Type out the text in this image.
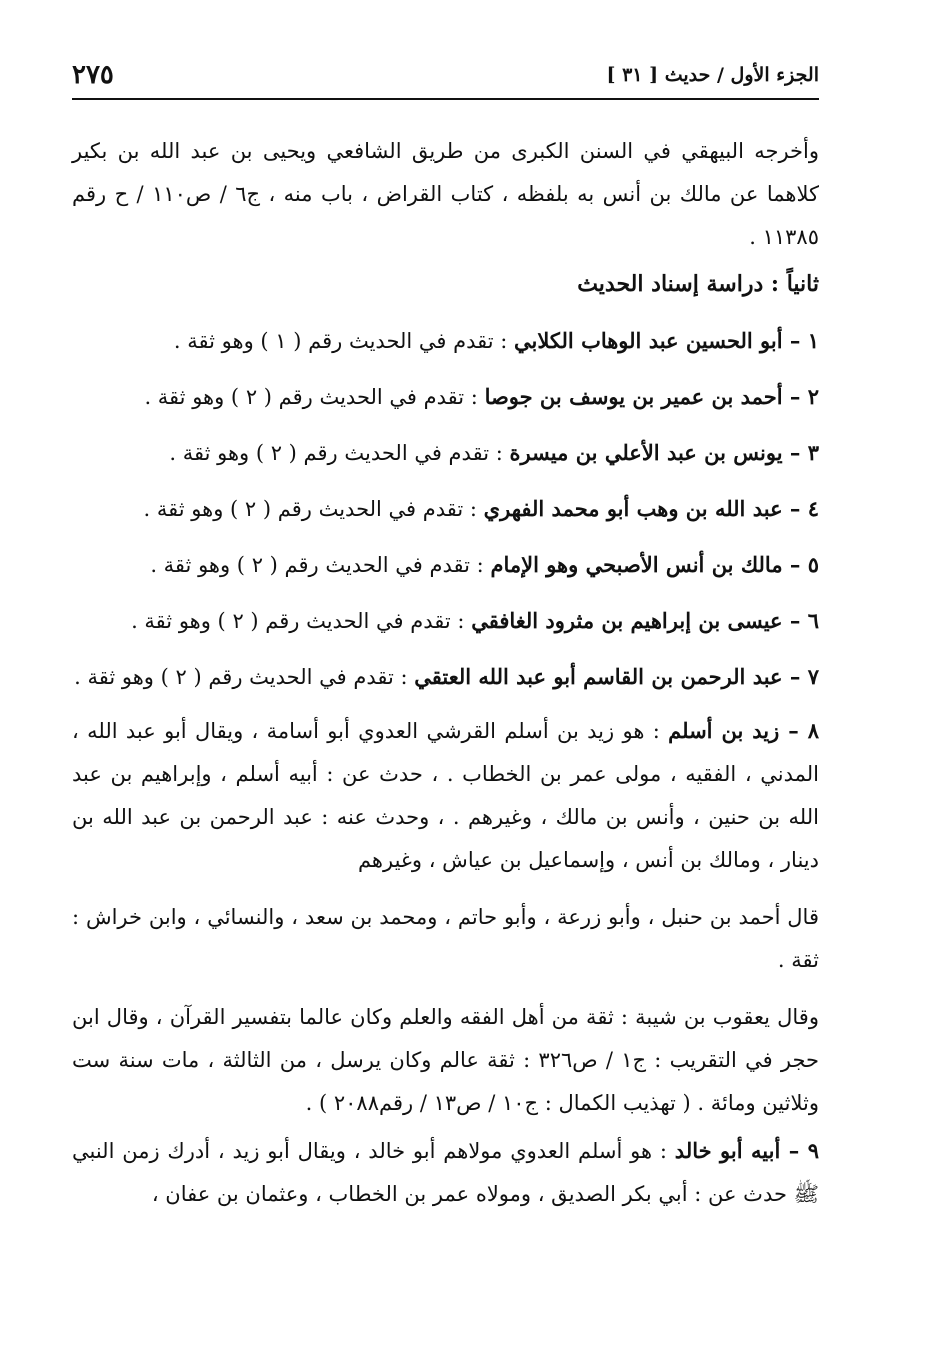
الجزء الأول / حديث [ ٣١ ]
٢٧٥

وأخرجه البيهقي في السنن الكبرى من طريق الشافعي ويحيى بن عبد الله بن بكير كلاهما عن مالك بن أنس به بلفظه ، كتاب القراض ، باب منه ، ج٦ / ص١١٠ / ح رقم ١١٣٨٥ .

ثانياً : دراسة إسناد الحديث

١ – أبو الحسين عبد الوهاب الكلابي : تقدم في الحديث رقم ( ١ ) وهو ثقة .

٢ – أحمد بن عمير بن يوسف بن جوصا : تقدم في الحديث رقم ( ٢ ) وهو ثقة .

٣ – يونس بن عبد الأعلي بن ميسرة : تقدم في الحديث رقم ( ٢ ) وهو ثقة .

٤ – عبد الله بن وهب أبو محمد الفهري : تقدم في الحديث رقم ( ٢ ) وهو ثقة .

٥ – مالك بن أنس الأصبحي وهو الإمام : تقدم في الحديث رقم ( ٢ ) وهو ثقة .

٦ – عيسى بن إبراهيم بن مثرود الغافقي : تقدم في الحديث رقم ( ٢ ) وهو ثقة .

٧ – عبد الرحمن بن القاسم أبو عبد الله العتقي : تقدم في الحديث رقم ( ٢ ) وهو ثقة .

٨ – زيد بن أسلم : هو زيد بن أسلم القرشي العدوي أبو أسامة ، ويقال أبو عبد الله ، المدني ، الفقيه ، مولى عمر بن الخطاب . ، حدث عن : أبيه أسلم ، وإبراهيم بن عبد الله بن حنين ، وأنس بن مالك ، وغيرهم . ، وحدث عنه : عبد الرحمن بن عبد الله بن دينار ، ومالك بن أنس ، وإسماعيل بن عياش ، وغيرهم

قال أحمد بن حنبل ، وأبو زرعة ، وأبو حاتم ، ومحمد بن سعد ، والنسائي ، وابن خراش : ثقة .

وقال يعقوب بن شيبة : ثقة من أهل الفقه والعلم وكان عالما بتفسير القرآن ، وقال ابن حجر في التقريب : ج١ / ص٣٢٦ : ثقة عالم وكان يرسل ، من الثالثة ، مات سنة ست وثلاثين ومائة . ( تهذيب الكمال : ج١٠ / ص١٣ / رقم٢٠٨٨ ) .

٩ – أبيه أبو خالد : هو أسلم العدوي مولاهم أبو خالد ، ويقال أبو زيد ، أدرك زمن النبي ﷺ حدث عن : أبي بكر الصديق ، ومولاه عمر بن الخطاب ، وعثمان بن عفان ،
